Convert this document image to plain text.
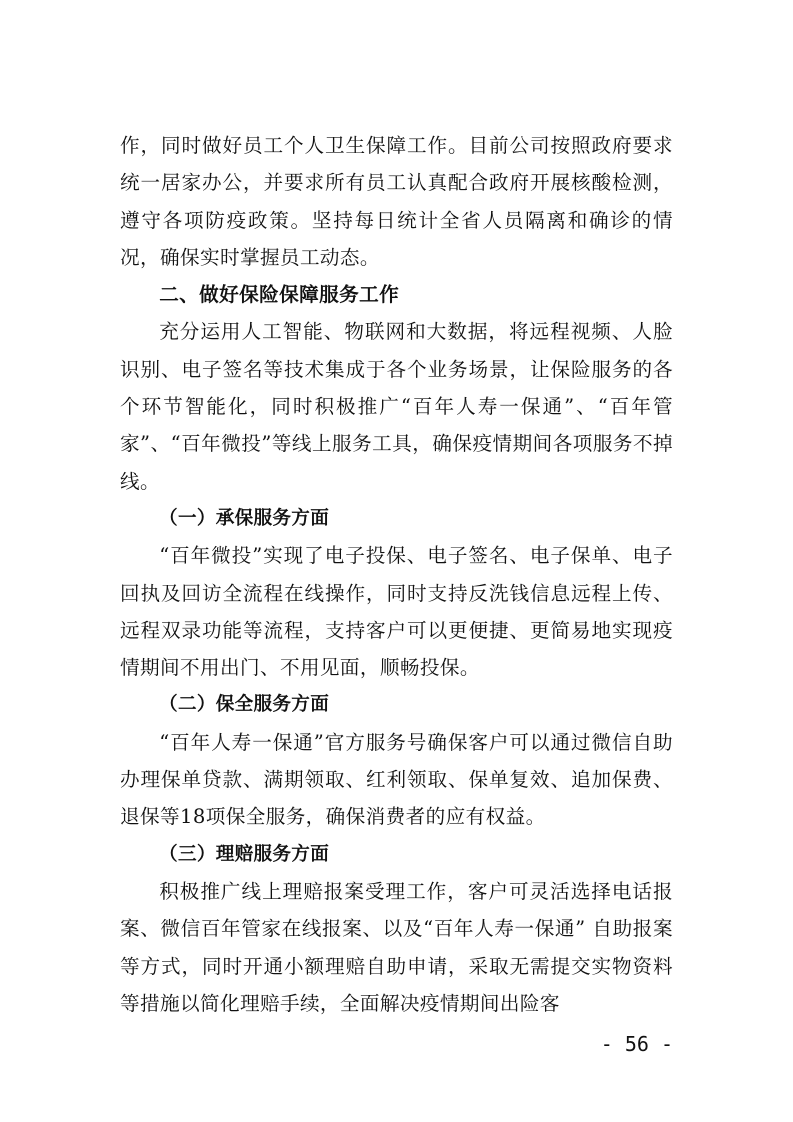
作，同时做好员工个人卫生保障工作。目前公司按照政府要求统一居家办公，并要求所有员工认真配合政府开展核酸检测，遵守各项防疫政策。坚持每日统计全省人员隔离和确诊的情况，确保实时掌握员工动态。

二、做好保险保障服务工作

充分运用人工智能、物联网和大数据，将远程视频、人脸识别、电子签名等技术集成于各个业务场景，让保险服务的各个环节智能化，同时积极推广“百年人寿一保通”、“百年管家”、“百年微投”等线上服务工具，确保疫情期间各项服务不掉线。

（一）承保服务方面

“百年微投”实现了电子投保、电子签名、电子保单、电子回执及回访全流程在线操作，同时支持反洗钱信息远程上传、 远程双录功能等流程，支持客户可以更便捷、更简易地实现疫情期间不用出门、不用见面，顺畅投保。

（二）保全服务方面

“百年人寿一保通”官方服务号确保客户可以通过微信自助办理保单贷款、满期领取、红利领取、保单复效、追加保费、退保等18项保全服务，确保消费者的应有权益。

（三）理赔服务方面

积极推广线上理赔报案受理工作，客户可灵活选择电话报案、微信百年管家在线报案、以及“百年人寿一保通” 自助报案等方式，同时开通小额理赔自助申请，采取无需提交实物资料等措施以简化理赔手续，全面解决疫情期间出险客

- 56 -
